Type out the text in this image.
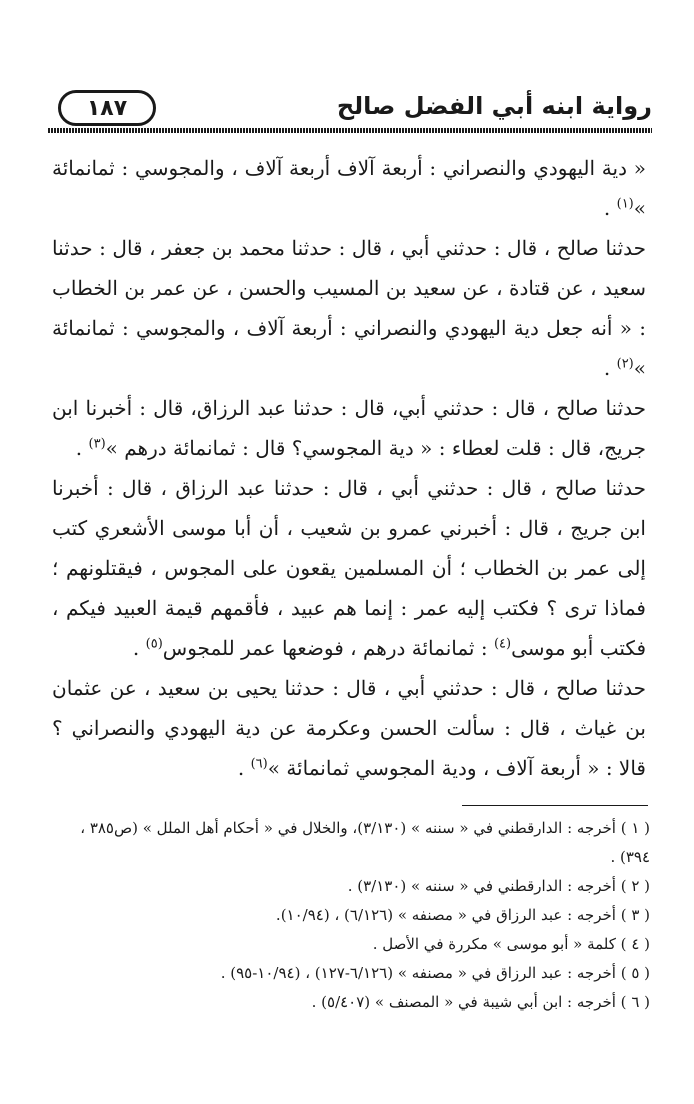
رواية ابنه أبي الفضل صالح
١٨٧

« دية اليهودي والنصراني : أربعة آلاف أربعة آلاف ، والمجوسي : ثمانمائة »$^{(١)}$ .

حدثنا صالح ، قال : حدثني أبي ، قال : حدثنا محمد بن جعفر ، قال : حدثنا سعيد ، عن قتادة ، عن سعيد بن المسيب والحسن ، عن عمر بن الخطاب : « أنه جعل دية اليهودي والنصراني : أربعة آلاف ، والمجوسي : ثمانمائة »$^{(٢)}$ .

حدثنا صالح ، قال : حدثني أبي، قال : حدثنا عبد الرزاق، قال : أخبرنا ابن جريج، قال : قلت لعطاء : « دية المجوسي؟ قال : ثمانمائة درهم »$^{(٣)}$ .

حدثنا صالح ، قال : حدثني أبي ، قال : حدثنا عبد الرزاق ، قال : أخبرنا ابن جريج ، قال : أخبرني عمرو بن شعيب ، أن أبا موسى الأشعري كتب إلى عمر بن الخطاب ؛ أن المسلمين يقعون على المجوس ، فيقتلونهم ؛ فماذا ترى ؟ فكتب إليه عمر : إنما هم عبيد ، فأقمهم قيمة العبيد فيكم ، فكتب أبو موسى$^{(٤)}$ : ثمانمائة درهم ، فوضعها عمر للمجوس$^{(٥)}$ .

حدثنا صالح ، قال : حدثني أبي ، قال : حدثنا يحيى بن سعيد ، عن عثمان بن غياث ، قال : سألت الحسن وعكرمة عن دية اليهودي والنصراني ؟ قالا : « أربعة آلاف ، ودية المجوسي ثمانمائة »$^{(٦)}$ .

( ١ ) أخرجه : الدارقطني في « سننه » (٣/١٣٠)، والخلال في « أحكام أهل الملل » (ص٣٨٥ ، ٣٩٤) .

( ٢ ) أخرجه : الدارقطني في « سننه » (٣/١٣٠) .

( ٣ ) أخرجه : عبد الرزاق في « مصنفه » (٦/١٢٦) ، (١٠/٩٤).

( ٤ ) كلمة « أبو موسى » مكررة في الأصل .

( ٥ ) أخرجه : عبد الرزاق في « مصنفه » (٦/١٢٦-١٢٧) ، (١٠/٩٤-٩٥) .

( ٦ ) أخرجه : ابن أبي شيبة في « المصنف » (٥/٤٠٧) .
